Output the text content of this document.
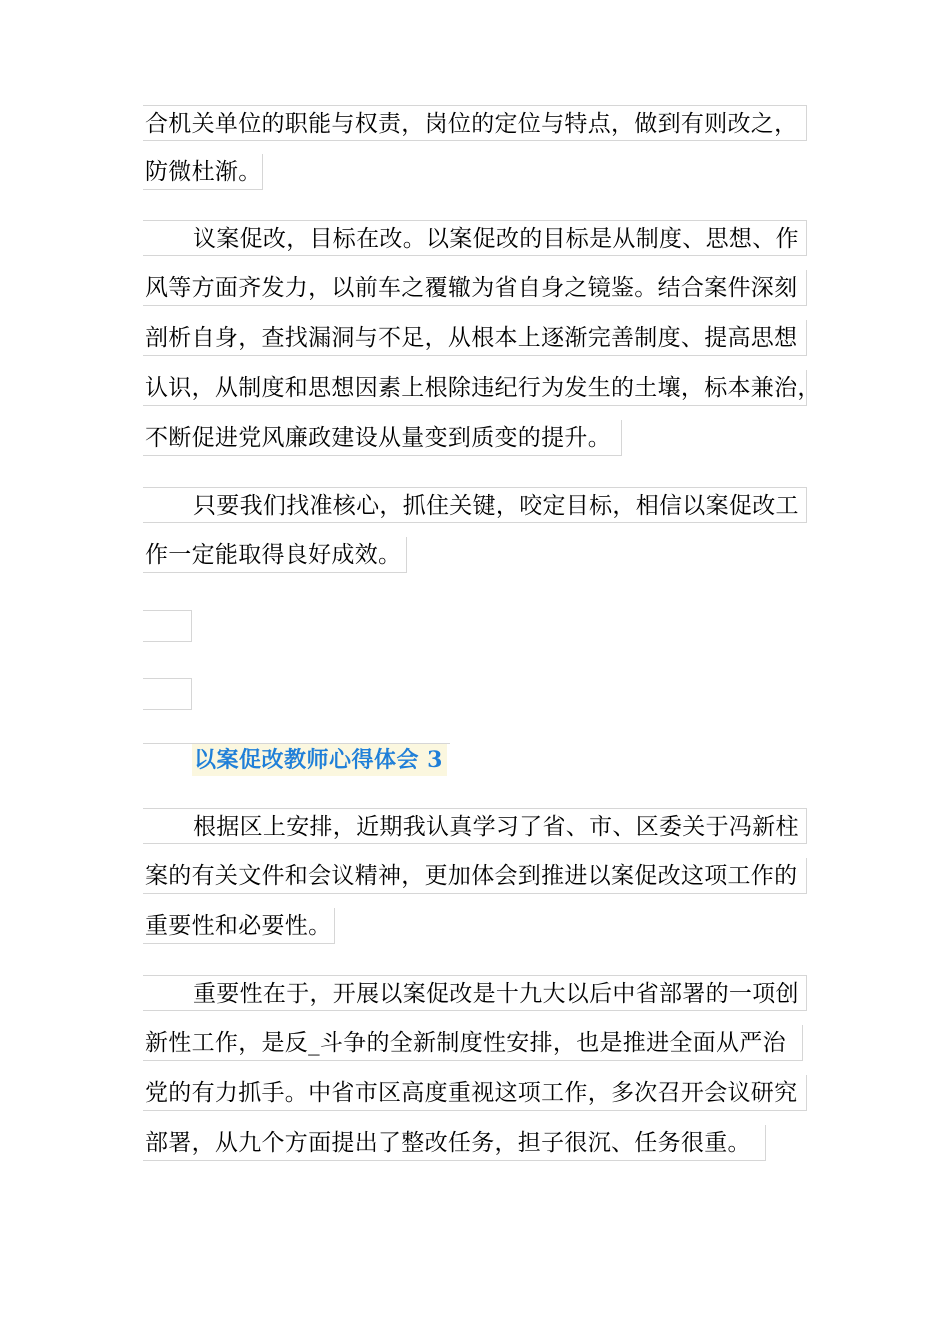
合机关单位的职能与权责，岗位的定位与特点，做到有则改之，
防微杜渐。
议案促改，目标在改。以案促改的目标是从制度、思想、作
风等方面齐发力，以前车之覆辙为省自身之镜鉴。结合案件深刻
剖析自身，查找漏洞与不足，从根本上逐渐完善制度、提高思想
认识，从制度和思想因素上根除违纪行为发生的土壤，标本兼治，
不断促进党风廉政建设从量变到质变的提升。
只要我们找准核心，抓住关键，咬定目标，相信以案促改工
作一定能取得良好成效。
以案促改教师心得体会 3
根据区上安排，近期我认真学习了省、市、区委关于冯新柱
案的有关文件和会议精神，更加体会到推进以案促改这项工作的
重要性和必要性。
重要性在于，开展以案促改是十九大以后中省部署的一项创
新性工作，是反_斗争的全新制度性安排，也是推进全面从严治
党的有力抓手。中省市区高度重视这项工作，多次召开会议研究
部署，从九个方面提出了整改任务，担子很沉、任务很重。
